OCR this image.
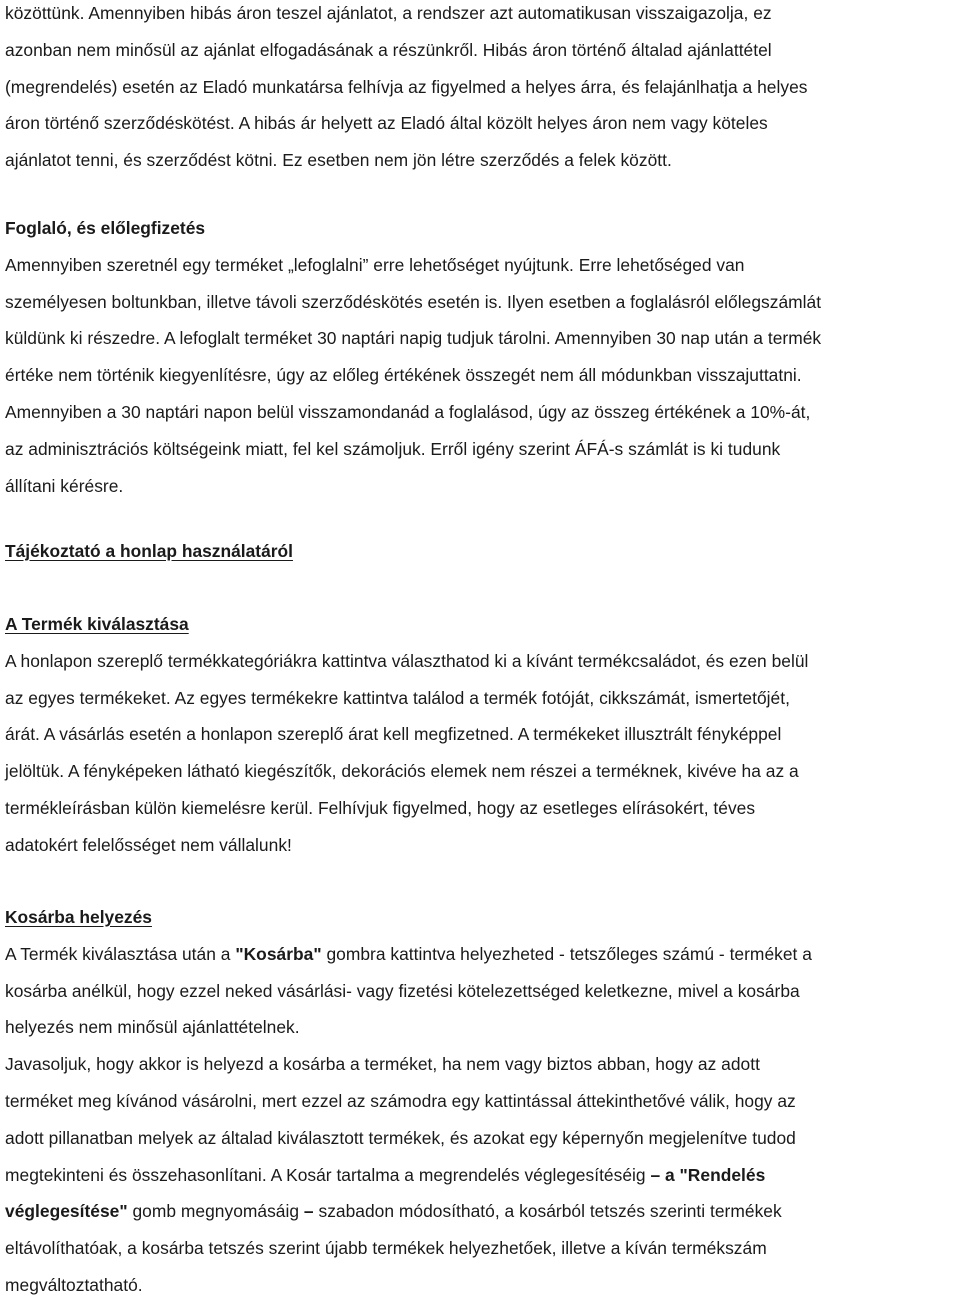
közöttünk. Amennyiben hibás áron teszel ajánlatot, a rendszer azt automatikusan visszaigazolja, ez

azonban nem minősül az ajánlat elfogadásának a részünkről. Hibás áron történő általad ajánlattétel

(megrendelés) esetén az Eladó munkatársa felhívja az figyelmed a helyes árra, és felajánlhatja a helyes

áron történő szerződéskötést. A hibás ár helyett az Eladó által közölt helyes áron nem vagy köteles

ajánlatot tenni, és szerződést kötni. Ez esetben nem jön létre szerződés a felek között.

Foglaló, és előlegfizetés

Amennyiben szeretnél egy terméket „lefoglalni” erre lehetőséget nyújtunk. Erre lehetőséged van

személyesen boltunkban, illetve távoli szerződéskötés esetén is. Ilyen esetben a foglalásról előlegszámlát

küldünk ki részedre. A lefoglalt terméket 30 naptári napig tudjuk tárolni. Amennyiben 30 nap után a termék

értéke nem történik kiegyenlítésre, úgy az előleg értékének összegét nem áll módunkban visszajuttatni.

Amennyiben a 30 naptári napon belül visszamondanád a foglalásod, úgy az összeg értékének a 10%-át,

az adminisztrációs költségeink miatt, fel kel számoljuk. Erről igény szerint ÁFÁ-s számlát is ki tudunk

állítani kérésre.

Tájékoztató a honlap használatáról

A Termék kiválasztása

A honlapon szereplő termékkategóriákra kattintva választhatod ki a kívánt termékcsaládot, és ezen belül

az egyes termékeket. Az egyes termékekre kattintva találod a termék fotóját, cikkszámát, ismertetőjét,

árát. A vásárlás esetén a honlapon szereplő árat kell megfizetned. A termékeket illusztrált fényképpel

jelöltük. A fényképeken látható kiegészítők, dekorációs elemek nem részei a terméknek, kivéve ha az a

termékleírásban külön kiemelésre kerül. Felhívjuk figyelmed, hogy az esetleges elírásokért, téves

adatokért felelősséget nem vállalunk!

Kosárba helyezés

A Termék kiválasztása után a "Kosárba" gombra kattintva helyezheted - tetszőleges számú - terméket a

kosárba anélkül, hogy ezzel neked vásárlási- vagy fizetési kötelezettséged keletkezne, mivel a kosárba

helyezés nem minősül ajánlattételnek.

Javasoljuk, hogy akkor is helyezd a kosárba a terméket, ha nem vagy biztos abban, hogy az adott

terméket meg kívánod vásárolni, mert ezzel az számodra egy kattintással áttekinthetővé válik, hogy az

adott pillanatban melyek az általad kiválasztott termékek, és azokat egy képernyőn megjelenítve tudod

megtekinteni és összehasonlítani. A Kosár tartalma a megrendelés véglegesítéséig – a "Rendelés

véglegesítése" gomb megnyomásáig – szabadon módosítható, a kosárból tetszés szerinti termékek

eltávolíthatóak, a kosárba tetszés szerint újabb termékek helyezhetőek, illetve a kíván termékszám

megváltoztatható.
